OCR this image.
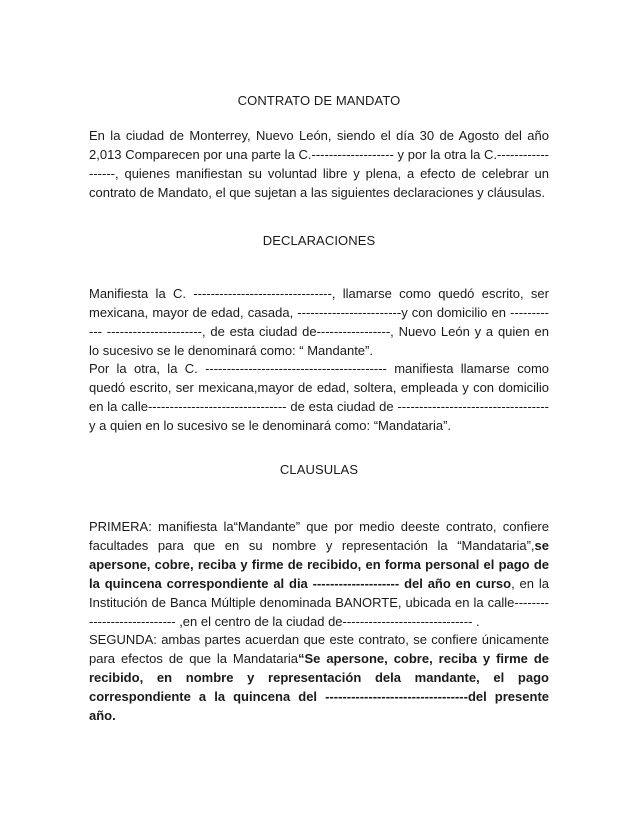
CONTRATO DE MANDATO

En la ciudad de Monterrey, Nuevo León, siendo el día 30 de Agosto del año 2,013 Comparecen por una parte la C.------------------- y por la otra la C.------------------, quienes manifiestan su voluntad libre y plena, a efecto de celebrar un contrato de Mandato, el que sujetan a las siguientes declaraciones y cláusulas.

DECLARACIONES

Manifiesta la C. --------------------------------, llamarse como quedó escrito, ser mexicana, mayor de edad, casada, ------------------------y con domicilio en ------------ ----------------------, de esta ciudad de-----------------, Nuevo León y a quien en lo sucesivo se le denominará como: “ Mandante”.

Por la otra, la C. ------------------------------------------ manifiesta llamarse como quedó escrito, ser mexicana,mayor de edad, soltera, empleada y con domicilio en la calle-------------------------------- de esta ciudad de ----------------------------------- y a quien en lo sucesivo se le denominará como: “Mandataria”.

CLAUSULAS

PRIMERA: manifiesta la“Mandante” que por medio deeste contrato, confiere facultades para que en su nombre y representación la “Mandataria”,se apersone, cobre, reciba y firme de recibido, en forma personal el pago de la quincena correspondiente al dia -------------------- del año en curso, en la Institución de Banca Múltiple denominada BANORTE, ubicada en la calle---------------------------- ,en el centro de la ciudad de------------------------------ .

SEGUNDA: ambas partes acuerdan que este contrato, se confiere únicamente para efectos de que la Mandataria“Se apersone, cobre, reciba y firme de recibido, en nombre y representación dela mandante, el pago correspondiente a la quincena del ---------------------------------del presente año.
